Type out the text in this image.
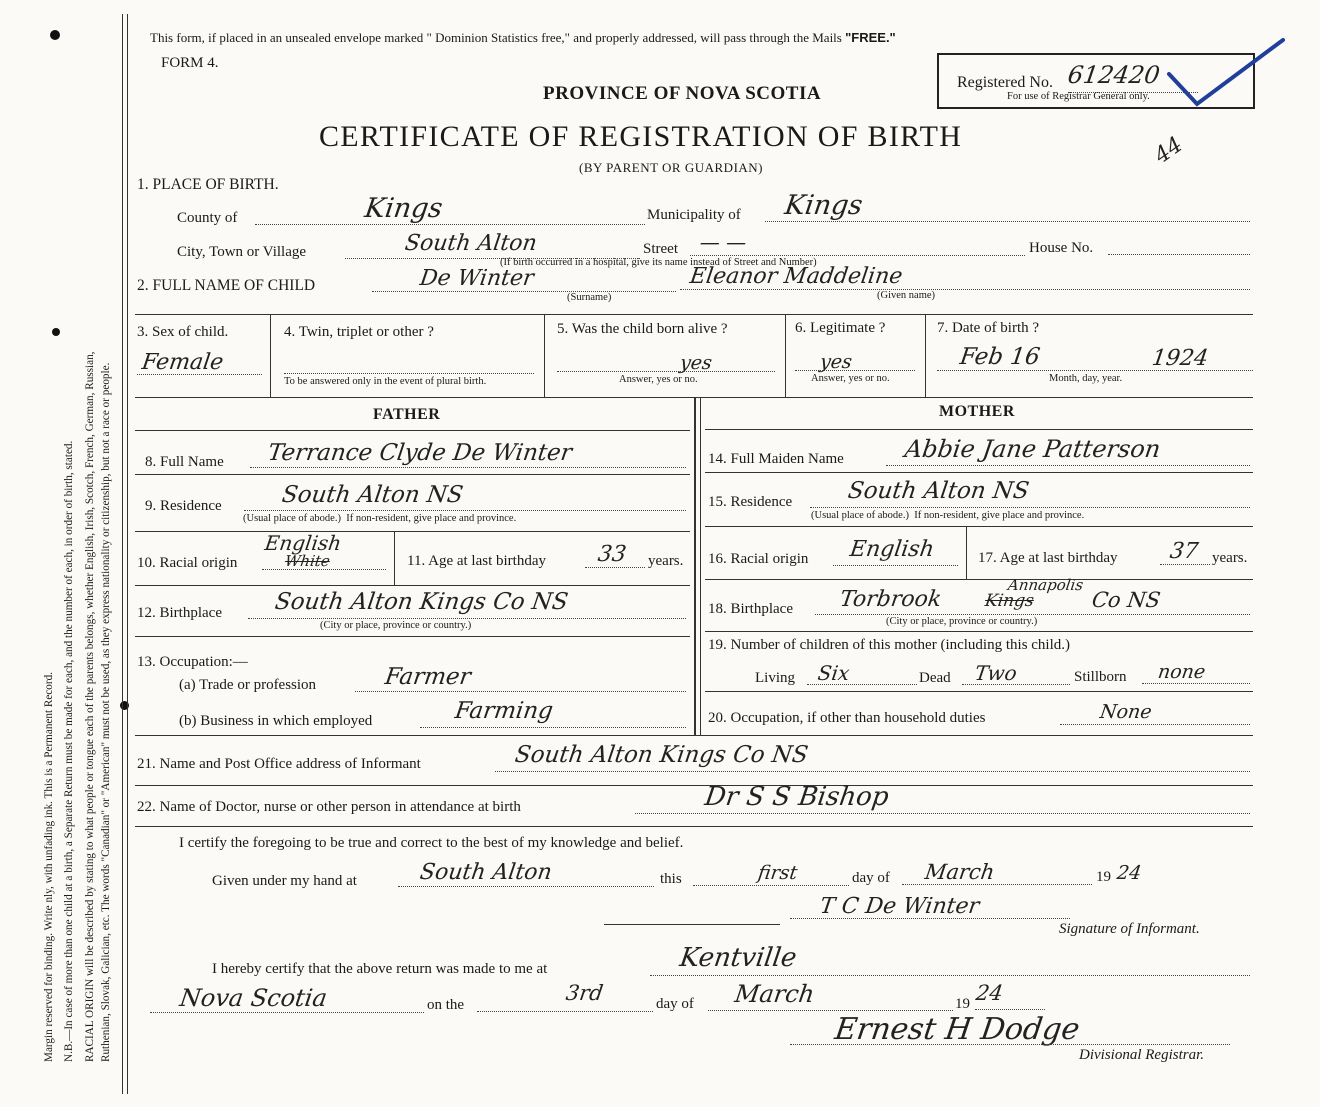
Margin reserved for binding. Write nly, with unfading ink. This is a Permanent Record. N.B.—In case of more than one child at a birth, a Separate Return must be made for each, and the number of each, in order of birth, stated. RACIAL ORIGIN will be described by stating to what people or tongue each of the parents belongs, whether English, Irish, Scotch, French, German, Russian, Ruthenian, Slovak, Galician, etc. The words "Canadian" or "American" must not be used, as they express nationality or citizenship, but not a race or people.
This form, if placed in an unsealed envelope marked " Dominion Statistics free," and properly addressed, will pass through the Mails "FREE."
FORM 4.
PROVINCE OF NOVA SCOTIA
CERTIFICATE OF REGISTRATION OF BIRTH
(BY PARENT OR GUARDIAN)
Registered No. 612420
For use of Registrar General only.
44
1. PLACE OF BIRTH.
County of	Kings	Municipality of Kings
City, Town or Village	South Alton	Street — —	House No.
(If birth occurred in a hospital, give its name instead of Street and Number)
2. FULL NAME OF CHILD	De Winter
(Surname)
Eleanor Maddeline
(Given name)
3. Sex of child.
Female
4. Twin, triplet or other ?
To be answered only in the event of plural birth.
5. Was the child born alive ?
yes
Answer, yes or no.
6. Legitimate ?
yes
Answer, yes or no.
7. Date of birth ?
Feb 16	1924
Month, day, year.
FATHER	MOTHER
8. Full Name Terrance Clyde De Winter
9. Residence	South Alton NS
(Usual place of abode.) If non-resident, give place and province.
10. Racial origin	White
English
11. Age at last birthday 33 years.
12. Birthplace South Alton Kings Co NS
(City or place, province or country.)
13. Occupation:—
(a) Trade or profession	Farmer
(b) Business in which employed	Farming
14. Full Maiden Name Abbie Jane Patterson
15. Residence South Alton NS
(Usual place of abode.) If non-resident, give place and province.
16. Racial origin English	17. Age at last birthday 37 years.
18. Birthplace Torbrook Kings
Annapolis
Co NS
(City or place, province or country.)
19. Number of children of this mother (including this child.)
Living Six	Dead Two	Stillborn none
20. Occupation, if other than household duties	None
21. Name and Post Office address of Informant	South Alton Kings Co NS
22. Name of Doctor, nurse or other person in attendance at birth	Dr S S Bishop
I certify the foregoing to be true and correct to the best of my knowledge and belief.
Given under my hand at	South Alton	this	first	day of March	19 24
T C De Winter
Signature of Informant.
I hereby certify that the above return was made to me at	Kentville
Nova Scotia	on the	3rd	day of March	19 24
Ernest H Dodge
Divisional Registrar.
